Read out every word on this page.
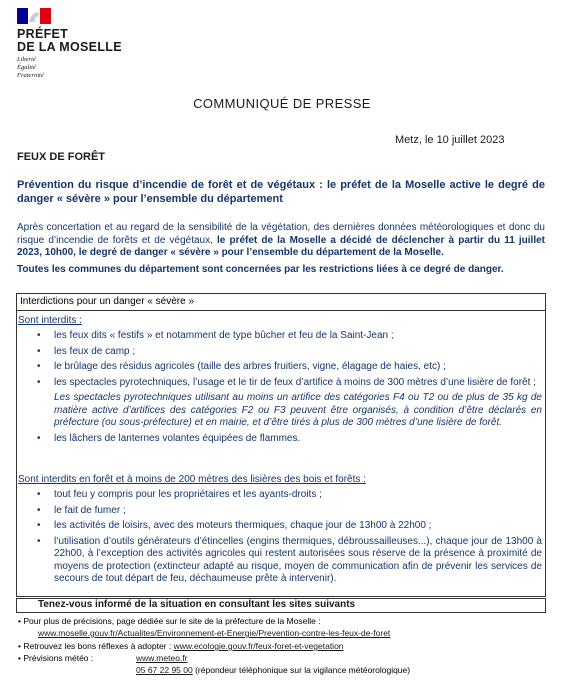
PRÉFET
DE LA MOSELLE
Liberté
Égalité
Fraternité
COMMUNIQUÉ DE PRESSE
Metz, le 10 juillet 2023
FEUX DE FORÊT
Prévention du risque d’incendie de forêt et de végétaux : le préfet de la Moselle active le degré de danger « sévère » pour l’ensemble du département
Après concertation et au regard de la sensibilité de la végétation, des dernières données météorologiques et donc du risque d’incendie de forêts et de végétaux, le préfet de la Moselle a décidé de déclencher à partir du 11 juillet 2023, 10h00, le degré de danger « sévère » pour l’ensemble du département de la Moselle.
Toutes les communes du département sont concernées par les restrictions liées à ce degré de danger.
Interdictions pour un danger « sévère »
Sont interdits :
• les feux dits « festifs » et notamment de type bûcher et feu de la Saint-Jean ;
• les feux de camp ;
• le brûlage des résidus agricoles (taille des arbres fruitiers, vigne, élagage de haies, etc) ;
• les spectacles pyrotechniques, l’usage et le tir de feux d’artifice à moins de 300 mètres d’une lisière de forêt ;
Les spectacles pyrotechniques utilisant au moins un artifice des catégories F4 ou T2 ou de plus de 35 kg de matière active d’artifices des catégories F2 ou F3 peuvent être organisés, à condition d’être déclarés en préfecture (ou sous-préfecture) et en mairie, et d’être tirés à plus de 300 mètres d’une lisière de forêt.
• les lâchers de lanternes volantes équipées de flammes.
Sont interdits en forêt et à moins de 200 mètres des lisières des bois et forêts :
• tout feu y compris pour les propriétaires et les ayants-droits ;
• le fait de fumer ;
• les activités de loisirs, avec des moteurs thermiques, chaque jour de 13h00 à 22h00 ;
• l’utilisation d’outils générateurs d’étincelles (engins thermiques, débroussailleuses...), chaque jour de 13h00 à 22h00, à l’exception des activités agricoles qui restent autorisées sous réserve de la présence à proximité de moyens de protection (extincteur adapté au risque, moyen de communication afin de prévenir les services de secours de tout départ de feu, déchaumeuse prête à intervenir).
Tenez-vous informé de la situation en consultant les sites suivants
• Pour plus de précisions, page dédiée sur le site de la préfecture de la Moselle :
www.moselle.gouv.fr/Actualites/Environnement-et-Energie/Prevention-contre-les-feux-de-foret
• Retrouvez les bons réflexes à adopter : www.ecologie.gouv.fr/feux-foret-et-vegetation
• Prévisions météo :	www.meteo.fr
05 67 22 95 00 (répondeur téléphonique sur la vigilance météorologique)
